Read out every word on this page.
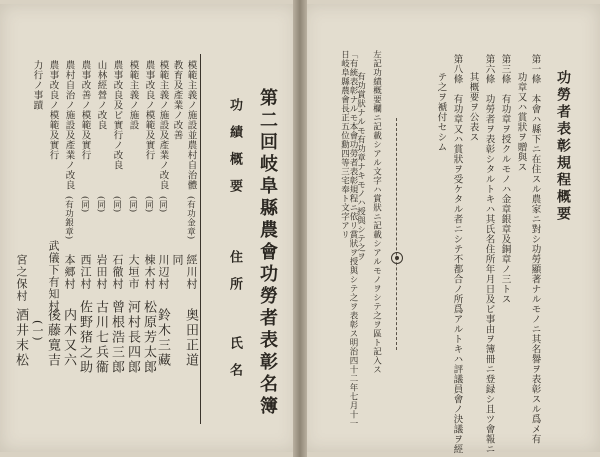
功勞者表彰規程概要
第一條　本會ハ縣下ニ在住スル農家ニ對シ功勞顯著ナルモノニ其名譽ヲ表彰スル爲メ有
功章又ハ賞狀ヲ贈與ス
第三條　有功章ヲ授クルモノハ金章銀章及銅章ノ三トス
第六條　功勞者ヲ表彰シタルトキハ其氏名住所年月日及ビ事由ヲ簿冊ニ登録シ且ツ會報ニ
其概要ヲ公表ス
第八條　有功章又ハ賞狀ヲ受ケタル者ニシテ不都合ノ所爲アルトキハ評議員會ノ決議ヲ經
テ之ヲ褫付セシム
左記功績概要欄ニ記載シアル文字ハ賞狀ニ記載シアルモノヲシテ之ヲ區ト記入ス
有功賞狀ナルモ有功章ナキモノハ授與シテ之ヲ
「有統表彰ナルモ本會功勞者表彰規程ニ依リ賞狀ヲ授與シテ之ヲ表彰ス明治四十二年七月十一日岐阜縣農會長正五位勳四等三宅奉ト文字アリ
第二回岐阜縣農會功勞者表彰名簿
功績概要
住所
氏名
模範主義ノ施設並農村自治體
(有功金章)
經川村
奥田正道
教育及產業ノ改善
同
模範主義ノ施設及產業ノ改良
(同)
川辺村
鈴木三藏
農事改良ノ模範及實行
(同)
棟木村
松原芳太郎
模範主義ノ施設
(同)
大垣市
河村長四郎
農事改良及ビ實行ノ改良
(同)
石徹村
曾根浩三郎
山林經營ノ改良
(同)
岩田村
古川七兵衞
農事改善ノ模範及實行
(同)
西江村
佐野猪之助
農村自治ノ施設及產業ノ改良
(有功銀章)
本郷村
内木又六
農事改良ノ模範及實行
武儀下有知村
後藤寛吉
力行ノ事蹟
宮之保村
酒井末松 (一)
